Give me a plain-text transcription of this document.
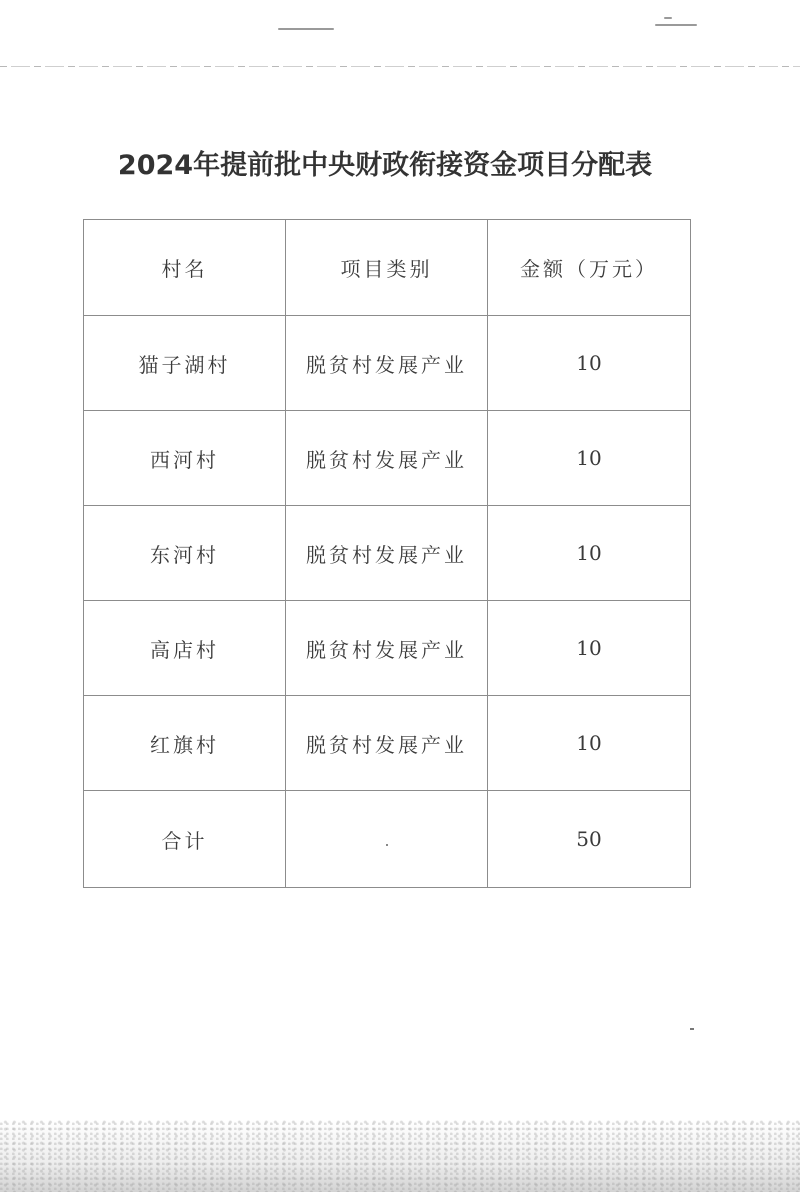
2024年提前批中央财政衔接资金项目分配表
村名	项目类别	金额（万元）
猫子湖村	脱贫村发展产业	10
西河村	脱贫村发展产业	10
东河村	脱贫村发展产业	10
高店村	脱贫村发展产业	10
红旗村	脱贫村发展产业	10
合计		50
